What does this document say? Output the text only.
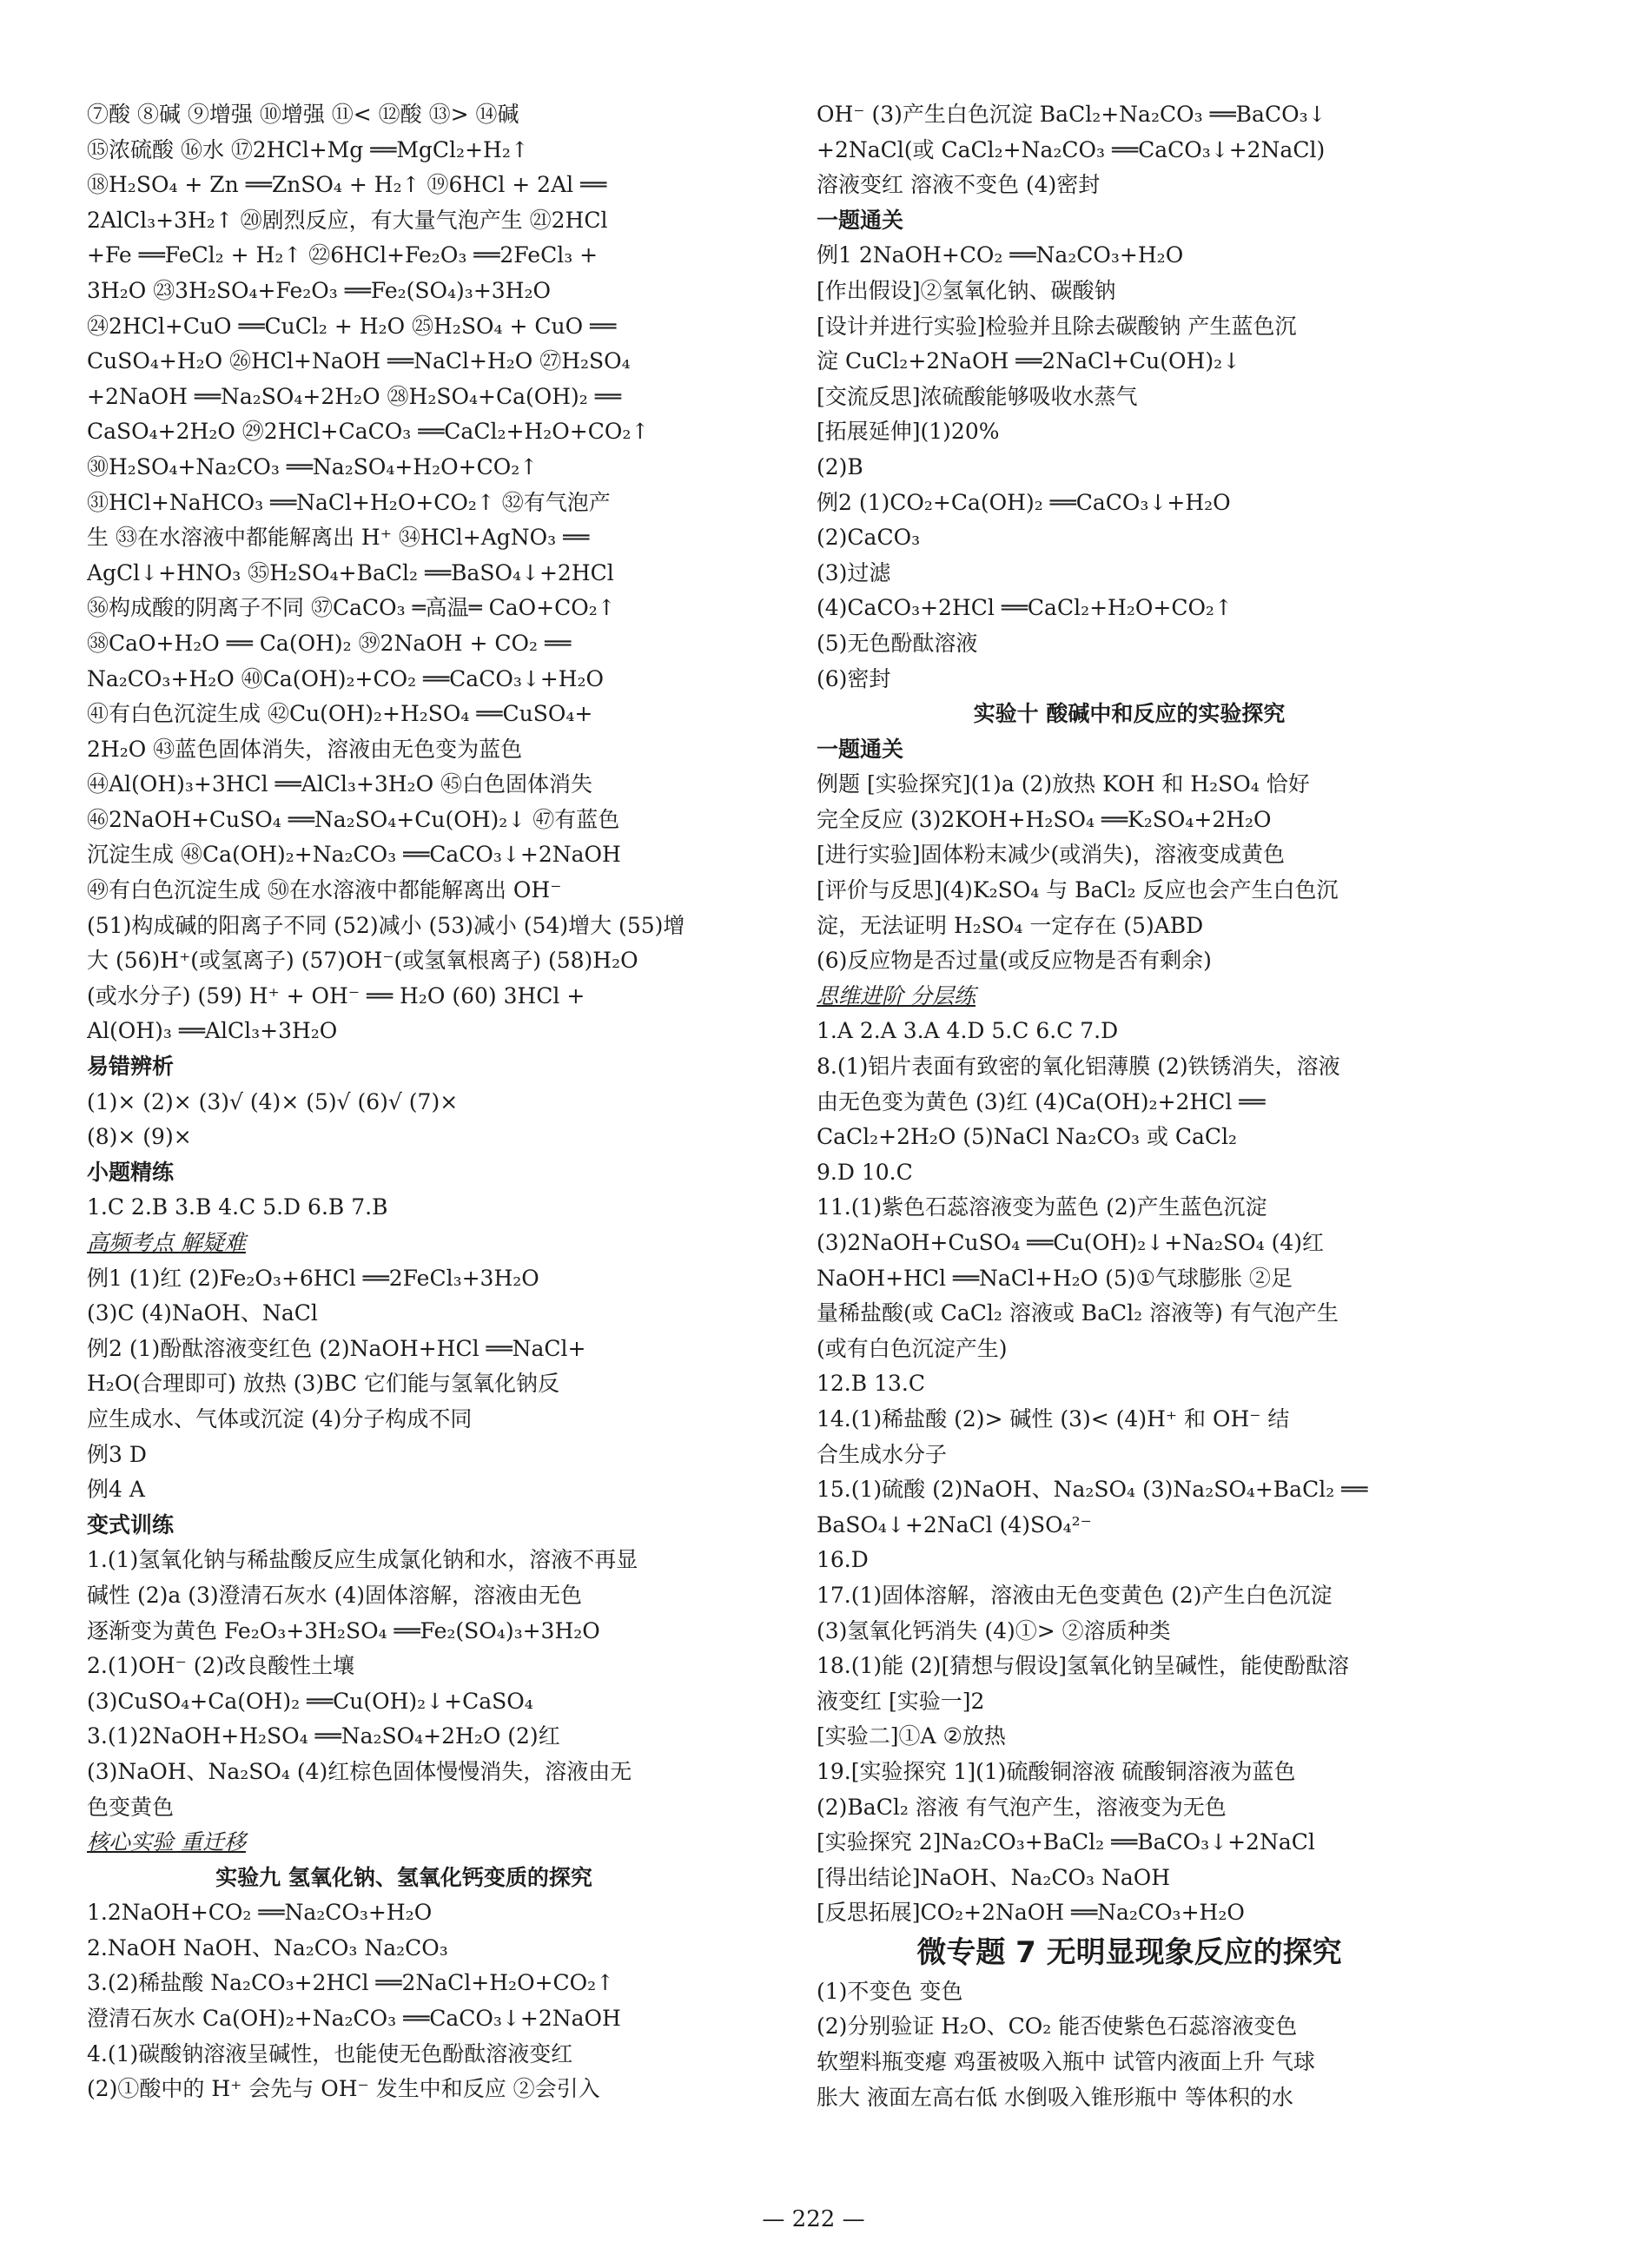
⑦酸 ⑧碱 ⑨增强 ⑩增强 ⑪< ⑫酸 ⑬> ⑭碱
⑮浓硫酸 ⑯水 ⑰2HCl+Mg ══MgCl₂+H₂↑
⑱H₂SO₄ + Zn ══ZnSO₄ + H₂↑ ⑲6HCl + 2Al ══
2AlCl₃+3H₂↑ ⑳剧烈反应，有大量气泡产生 ㉑2HCl
+Fe ══FeCl₂ + H₂↑ ㉒6HCl+Fe₂O₃ ══2FeCl₃ +
3H₂O ㉓3H₂SO₄+Fe₂O₃ ══Fe₂(SO₄)₃+3H₂O
㉔2HCl+CuO ══CuCl₂ + H₂O ㉕H₂SO₄ + CuO ══
CuSO₄+H₂O ㉖HCl+NaOH ══NaCl+H₂O ㉗H₂SO₄
+2NaOH ══Na₂SO₄+2H₂O ㉘H₂SO₄+Ca(OH)₂ ══
CaSO₄+2H₂O ㉙2HCl+CaCO₃ ══CaCl₂+H₂O+CO₂↑
㉚H₂SO₄+Na₂CO₃ ══Na₂SO₄+H₂O+CO₂↑
㉛HCl+NaHCO₃ ══NaCl+H₂O+CO₂↑ ㉜有气泡产
生 ㉝在水溶液中都能解离出 H⁺ ㉞HCl+AgNO₃ ══
AgCl↓+HNO₃ ㉟H₂SO₄+BaCl₂ ══BaSO₄↓+2HCl
㊱构成酸的阴离子不同 ㊲CaCO₃ ═高温═ CaO+CO₂↑
㊳CaO+H₂O ══ Ca(OH)₂ ㊴2NaOH + CO₂ ══
Na₂CO₃+H₂O ㊵Ca(OH)₂+CO₂ ══CaCO₃↓+H₂O
㊶有白色沉淀生成 ㊷Cu(OH)₂+H₂SO₄ ══CuSO₄+
2H₂O ㊸蓝色固体消失，溶液由无色变为蓝色
㊹Al(OH)₃+3HCl ══AlCl₃+3H₂O ㊺白色固体消失
㊻2NaOH+CuSO₄ ══Na₂SO₄+Cu(OH)₂↓ ㊼有蓝色
沉淀生成 ㊽Ca(OH)₂+Na₂CO₃ ══CaCO₃↓+2NaOH
㊾有白色沉淀生成 ㊿在水溶液中都能解离出 OH⁻
(51)构成碱的阳离子不同 (52)减小 (53)减小 (54)增大 (55)增
大 (56)H⁺(或氢离子) (57)OH⁻(或氢氧根离子) (58)H₂O
(或水分子) (59) H⁺ + OH⁻ ══ H₂O (60) 3HCl +
Al(OH)₃ ══AlCl₃+3H₂O
易错辨析
(1)× (2)× (3)√ (4)× (5)√ (6)√ (7)×
(8)× (9)×
小题精练
1.C 2.B 3.B 4.C 5.D 6.B 7.B
高频考点 解疑难
例1 (1)红 (2)Fe₂O₃+6HCl ══2FeCl₃+3H₂O
(3)C (4)NaOH、NaCl
例2 (1)酚酞溶液变红色 (2)NaOH+HCl ══NaCl+
H₂O(合理即可) 放热 (3)BC 它们能与氢氧化钠反
应生成水、气体或沉淀 (4)分子构成不同
例3 D
例4 A
变式训练
1.(1)氢氧化钠与稀盐酸反应生成氯化钠和水，溶液不再显
碱性 (2)a (3)澄清石灰水 (4)固体溶解，溶液由无色
逐渐变为黄色 Fe₂O₃+3H₂SO₄ ══Fe₂(SO₄)₃+3H₂O
2.(1)OH⁻ (2)改良酸性土壤
(3)CuSO₄+Ca(OH)₂ ══Cu(OH)₂↓+CaSO₄
3.(1)2NaOH+H₂SO₄ ══Na₂SO₄+2H₂O (2)红
(3)NaOH、Na₂SO₄ (4)红棕色固体慢慢消失，溶液由无
色变黄色
核心实验 重迁移
实验九 氢氧化钠、氢氧化钙变质的探究
1.2NaOH+CO₂ ══Na₂CO₃+H₂O
2.NaOH NaOH、Na₂CO₃ Na₂CO₃
3.(2)稀盐酸 Na₂CO₃+2HCl ══2NaCl+H₂O+CO₂↑
澄清石灰水 Ca(OH)₂+Na₂CO₃ ══CaCO₃↓+2NaOH
4.(1)碳酸钠溶液呈碱性，也能使无色酚酞溶液变红
(2)①酸中的 H⁺ 会先与 OH⁻ 发生中和反应 ②会引入
OH⁻ (3)产生白色沉淀 BaCl₂+Na₂CO₃ ══BaCO₃↓
+2NaCl(或 CaCl₂+Na₂CO₃ ══CaCO₃↓+2NaCl)
溶液变红 溶液不变色 (4)密封
一题通关
例1 2NaOH+CO₂ ══Na₂CO₃+H₂O
[作出假设]②氢氧化钠、碳酸钠
[设计并进行实验]检验并且除去碳酸钠 产生蓝色沉
淀 CuCl₂+2NaOH ══2NaCl+Cu(OH)₂↓
[交流反思]浓硫酸能够吸收水蒸气
[拓展延伸](1)20%
(2)B
例2 (1)CO₂+Ca(OH)₂ ══CaCO₃↓+H₂O
(2)CaCO₃
(3)过滤
(4)CaCO₃+2HCl ══CaCl₂+H₂O+CO₂↑
(5)无色酚酞溶液
(6)密封
实验十 酸碱中和反应的实验探究
一题通关
例题 [实验探究](1)a (2)放热 KOH 和 H₂SO₄ 恰好
完全反应 (3)2KOH+H₂SO₄ ══K₂SO₄+2H₂O
[进行实验]固体粉末减少(或消失)，溶液变成黄色
[评价与反思](4)K₂SO₄ 与 BaCl₂ 反应也会产生白色沉
淀，无法证明 H₂SO₄ 一定存在 (5)ABD
(6)反应物是否过量(或反应物是否有剩余)
思维进阶 分层练
1.A 2.A 3.A 4.D 5.C 6.C 7.D
8.(1)铝片表面有致密的氧化铝薄膜 (2)铁锈消失，溶液
由无色变为黄色 (3)红 (4)Ca(OH)₂+2HCl ══
CaCl₂+2H₂O (5)NaCl Na₂CO₃ 或 CaCl₂
9.D 10.C
11.(1)紫色石蕊溶液变为蓝色 (2)产生蓝色沉淀
(3)2NaOH+CuSO₄ ══Cu(OH)₂↓+Na₂SO₄ (4)红
NaOH+HCl ══NaCl+H₂O (5)①气球膨胀 ②足
量稀盐酸(或 CaCl₂ 溶液或 BaCl₂ 溶液等) 有气泡产生
(或有白色沉淀产生)
12.B 13.C
14.(1)稀盐酸 (2)> 碱性 (3)< (4)H⁺ 和 OH⁻ 结
合生成水分子
15.(1)硫酸 (2)NaOH、Na₂SO₄ (3)Na₂SO₄+BaCl₂ ══
BaSO₄↓+2NaCl (4)SO₄²⁻
16.D
17.(1)固体溶解，溶液由无色变黄色 (2)产生白色沉淀
(3)氢氧化钙消失 (4)①> ②溶质种类
18.(1)能 (2)[猜想与假设]氢氧化钠呈碱性，能使酚酞溶
液变红 [实验一]2
[实验二]①A ②放热
19.[实验探究 1](1)硫酸铜溶液 硫酸铜溶液为蓝色
(2)BaCl₂ 溶液 有气泡产生，溶液变为无色
[实验探究 2]Na₂CO₃+BaCl₂ ══BaCO₃↓+2NaCl
[得出结论]NaOH、Na₂CO₃ NaOH
[反思拓展]CO₂+2NaOH ══Na₂CO₃+H₂O
微专题 7 无明显现象反应的探究
(1)不变色 变色
(2)分别验证 H₂O、CO₂ 能否使紫色石蕊溶液变色
软塑料瓶变瘪 鸡蛋被吸入瓶中 试管内液面上升 气球
胀大 液面左高右低 水倒吸入锥形瓶中 等体积的水
— 222 —
